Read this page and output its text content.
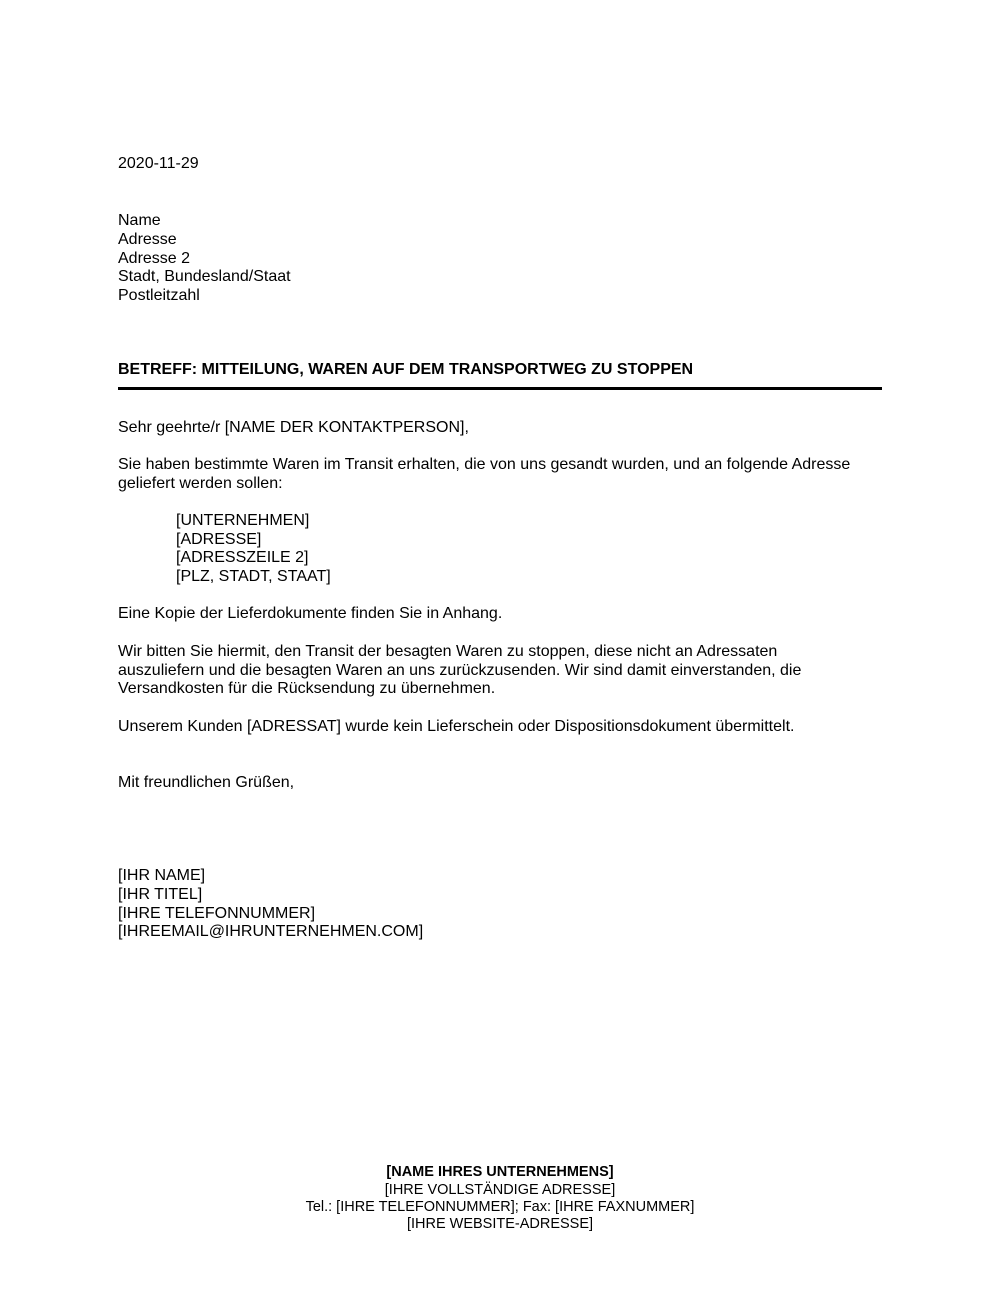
2020-11-29
Name
Adresse
Adresse 2
Stadt, Bundesland/Staat
Postleitzahl
BETREFF: MITTEILUNG, WAREN AUF DEM TRANSPORTWEG ZU STOPPEN
Sehr geehrte/r [NAME DER KONTAKTPERSON],
Sie haben bestimmte Waren im Transit erhalten, die von uns gesandt wurden, und an folgende Adresse
geliefert werden sollen:
[UNTERNEHMEN]
[ADRESSE]
[ADRESSZEILE 2]
[PLZ, STADT, STAAT]
Eine Kopie der Lieferdokumente finden Sie in Anhang.
Wir bitten Sie hiermit, den Transit der besagten Waren zu stoppen, diese nicht an Adressaten
auszuliefern und die besagten Waren an uns zurückzusenden. Wir sind damit einverstanden, die
Versandkosten für die Rücksendung zu übernehmen.
Unserem Kunden [ADRESSAT] wurde kein Lieferschein oder Dispositionsdokument übermittelt.
Mit freundlichen Grüßen,
[IHR NAME]
[IHR TITEL]
[IHRE TELEFONNUMMER]
[IHREEMAIL@IHRUNTERNEHMEN.COM]
[NAME IHRES UNTERNEHMENS]
[IHRE VOLLSTÄNDIGE ADRESSE]
Tel.: [IHRE TELEFONNUMMER]; Fax: [IHRE FAXNUMMER]
[IHRE WEBSITE-ADRESSE]
